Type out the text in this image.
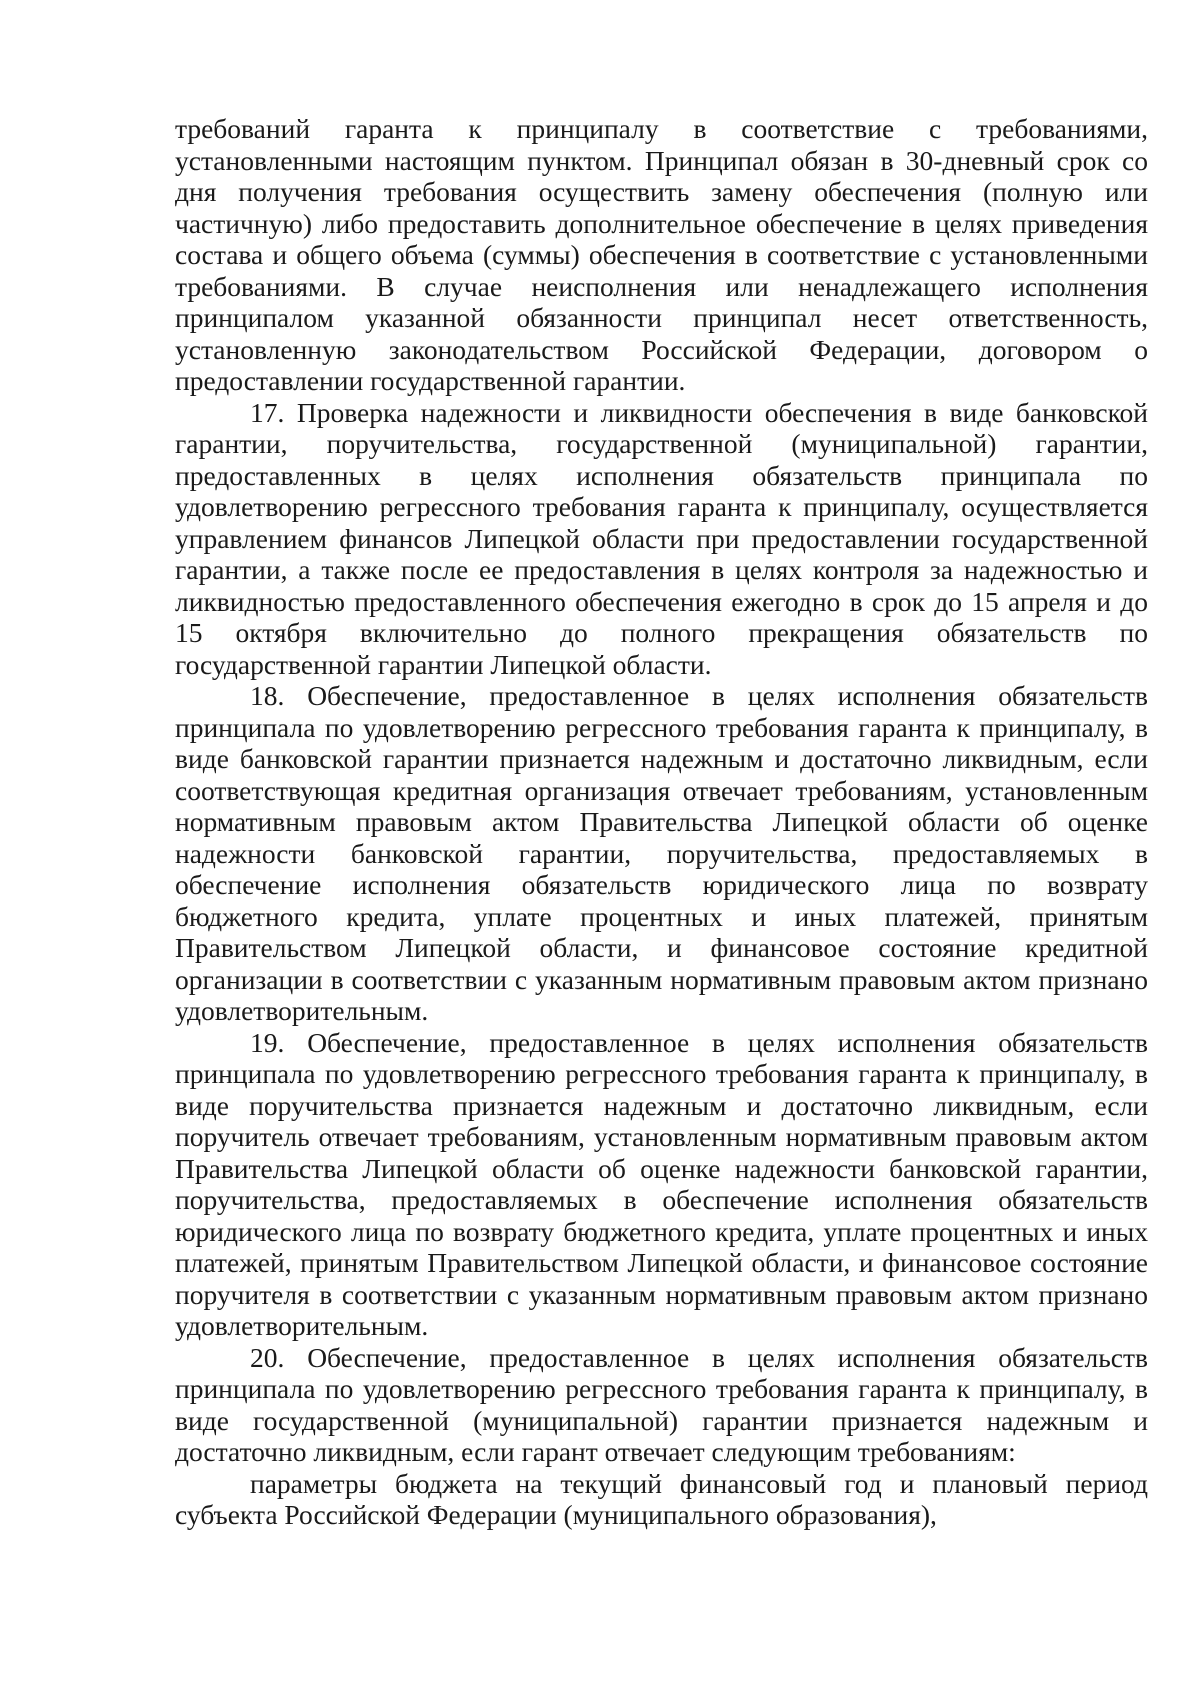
требований гаранта к принципалу в соответствие с требованиями, установленными настоящим пунктом. Принципал обязан в 30-дневный срок со дня получения требования осуществить замену обеспечения (полную или частичную) либо предоставить дополнительное обеспечение в целях приведения состава и общего объема (суммы) обеспечения в соответствие с установленными требованиями. В случае неисполнения или ненадлежащего исполнения принципалом указанной обязанности принципал несет ответственность, установленную законодательством Российской Федерации, договором о предоставлении государственной гарантии.

17. Проверка надежности и ликвидности обеспечения в виде банковской гарантии, поручительства, государственной (муниципальной) гарантии, предоставленных в целях исполнения обязательств принципала по удовлетворению регрессного требования гаранта к принципалу, осуществляется управлением финансов Липецкой области при предоставлении государственной гарантии, а также после ее предоставления в целях контроля за надежностью и ликвидностью предоставленного обеспечения ежегодно в срок до 15 апреля и до 15 октября включительно до полного прекращения обязательств по государственной гарантии Липецкой области.

18. Обеспечение, предоставленное в целях исполнения обязательств принципала по удовлетворению регрессного требования гаранта к принципалу, в виде банковской гарантии признается надежным и достаточно ликвидным, если соответствующая кредитная организация отвечает требованиям, установленным нормативным правовым актом Правительства Липецкой области об оценке надежности банковской гарантии, поручительства, предоставляемых в обеспечение исполнения обязательств юридического лица по возврату бюджетного кредита, уплате процентных и иных платежей, принятым Правительством Липецкой области, и финансовое состояние кредитной организации в соответствии с указанным нормативным правовым актом признано удовлетворительным.

19. Обеспечение, предоставленное в целях исполнения обязательств принципала по удовлетворению регрессного требования гаранта к принципалу, в виде поручительства признается надежным и достаточно ликвидным, если поручитель отвечает требованиям, установленным нормативным правовым актом Правительства Липецкой области об оценке надежности банковской гарантии, поручительства, предоставляемых в обеспечение исполнения обязательств юридического лица по возврату бюджетного кредита, уплате процентных и иных платежей, принятым Правительством Липецкой области, и финансовое состояние поручителя в соответствии с указанным нормативным правовым актом признано удовлетворительным.

20. Обеспечение, предоставленное в целях исполнения обязательств принципала по удовлетворению регрессного требования гаранта к принципалу, в виде государственной (муниципальной) гарантии признается надежным и достаточно ликвидным, если гарант отвечает следующим требованиям:

параметры бюджета на текущий финансовый год и плановый период субъекта Российской Федерации (муниципального образования),
